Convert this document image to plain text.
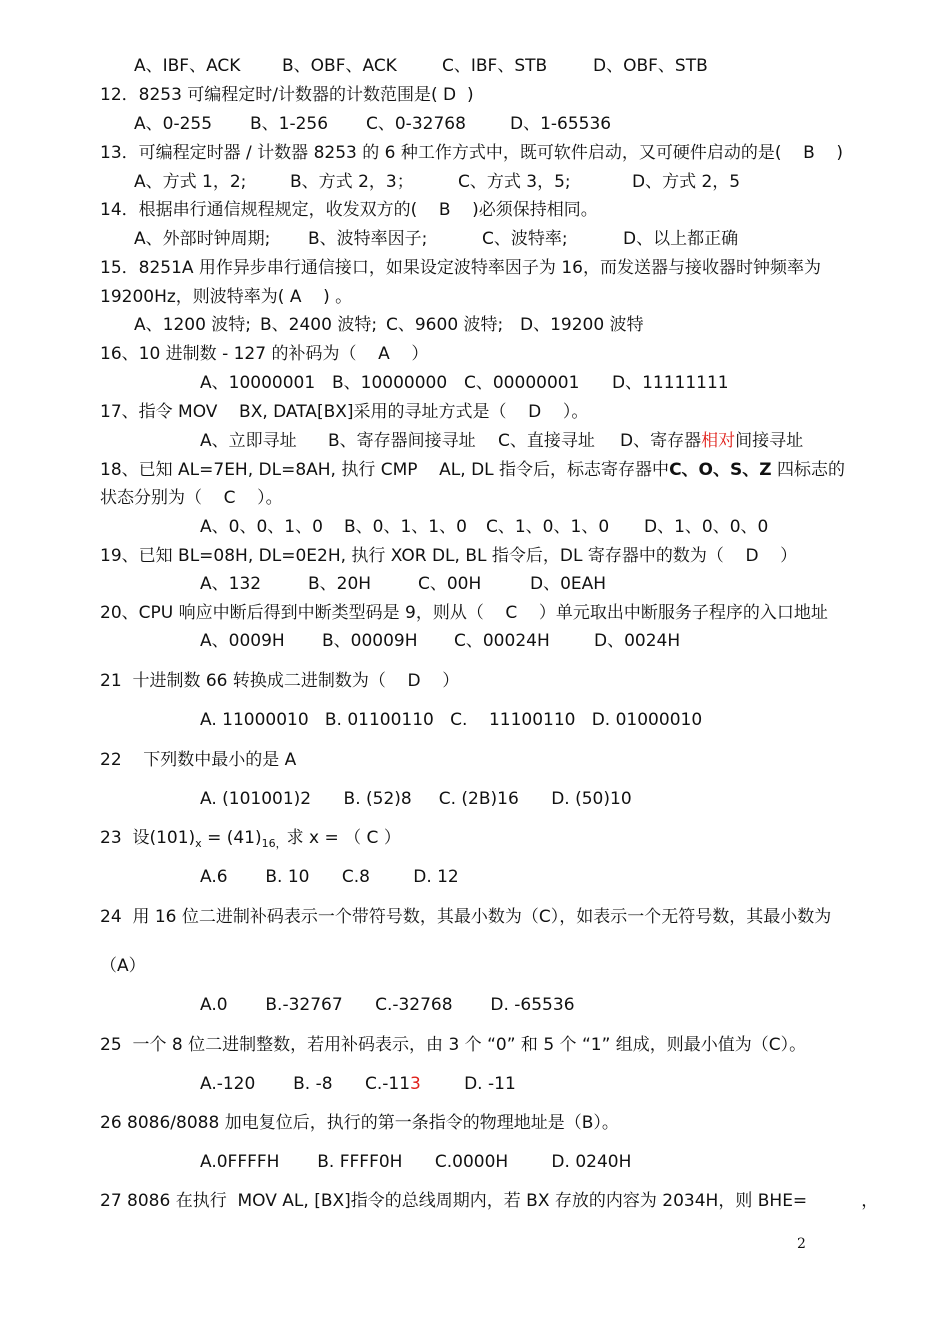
A、IBF、ACK

B、OBF、ACK

	C、IBF、STB

	D、OBF、STB

12．8253 可编程定时/计数器的计数范围是( D  )

A、0-255

B、1-256

C、0-32768

	D、1-65536

13．可编程定时器 / 计数器 8253 的 6 种工作方式中，既可软件启动，又可硬件启动的是(    B    )

A、方式 1，2;

	B、方式 2，3；

	C、方式 3，5;

	D、方式 2，5

14．根据串行通信规程规定，收发双方的(    B    )必须保持相同。

A、外部时钟周期;

B、波特率因子;

	C、波特率;

	D、以上都正确

15．8251A 用作异步串行通信接口，如果设定波特率因子为 16，而发送器与接收器时钟频率为
19200Hz，则波特率为( A    ) 。

A、1200 波特;

B、2400 波特;

C、9600 波特;

D、19200 波特

16、10 进制数 - 127 的补码为（    A    ）

A、10000001

B、10000000

C、00000001

D、11111111

17、指令 MOV    BX, DATA[BX]采用的寻址方式是（    D    ）。

A、立即寻址

B、寄存器间接寻址

C、直接寻址

D、寄存器相对间接寻址

18、已知 AL=7EH, DL=8AH, 执行 CMP    AL, DL 指令后，标志寄存器中C、O、S、Z 四标志的
状态分别为（    C    ）。

A、0、0、1、0

B、0、1、1、0

C、1、0、1、0

D、1、0、0、0

19、已知 BL=08H, DL=0E2H, 执行 XOR DL, BL 指令后，DL 寄存器中的数为（    D    ）

A、132

	B、20H

	C、00H

	D、0EAH

20、CPU 响应中断后得到中断类型码是 9，则从（    C    ）单元取出中断服务子程序的入口地址

A、0009H

B、00009H

C、00024H

	D、0024H

21  十进制数 66 转换成二进制数为（    D    ）
A. 11000010   B. 01100110   C.    11100110   D. 01000010
22    下列数中最小的是 A
A. (101001)2      B. (52)8     C. (2B)16      D. (50)10
23  设$(101)_x = (41)_{16,}$求 x = （ C ）
A.6       B. 10      C.8        D. 12
24  用 16 位二进制补码表示一个带符号数，其最小数为（C），如表示一个无符号数，其最小数为
（A）
A.0       B.-32767      C.-32768       D. -65536
25  一个 8 位二进制整数，若用补码表示，由 3 个 “0” 和 5 个 “1” 组成，则最小值为（C）。
A.-120       B. -8      C.-113        D. -11
26 8086/8088 加电复位后，执行的第一条指令的物理地址是（B）。
A.0FFFFH       B. FFFF0H      C.0000H        D. 0240H
27 8086 在执行  MOV AL, [BX]指令的总线周期内，若 BX 存放的内容为 2034H，则 BHE=          ，
2
